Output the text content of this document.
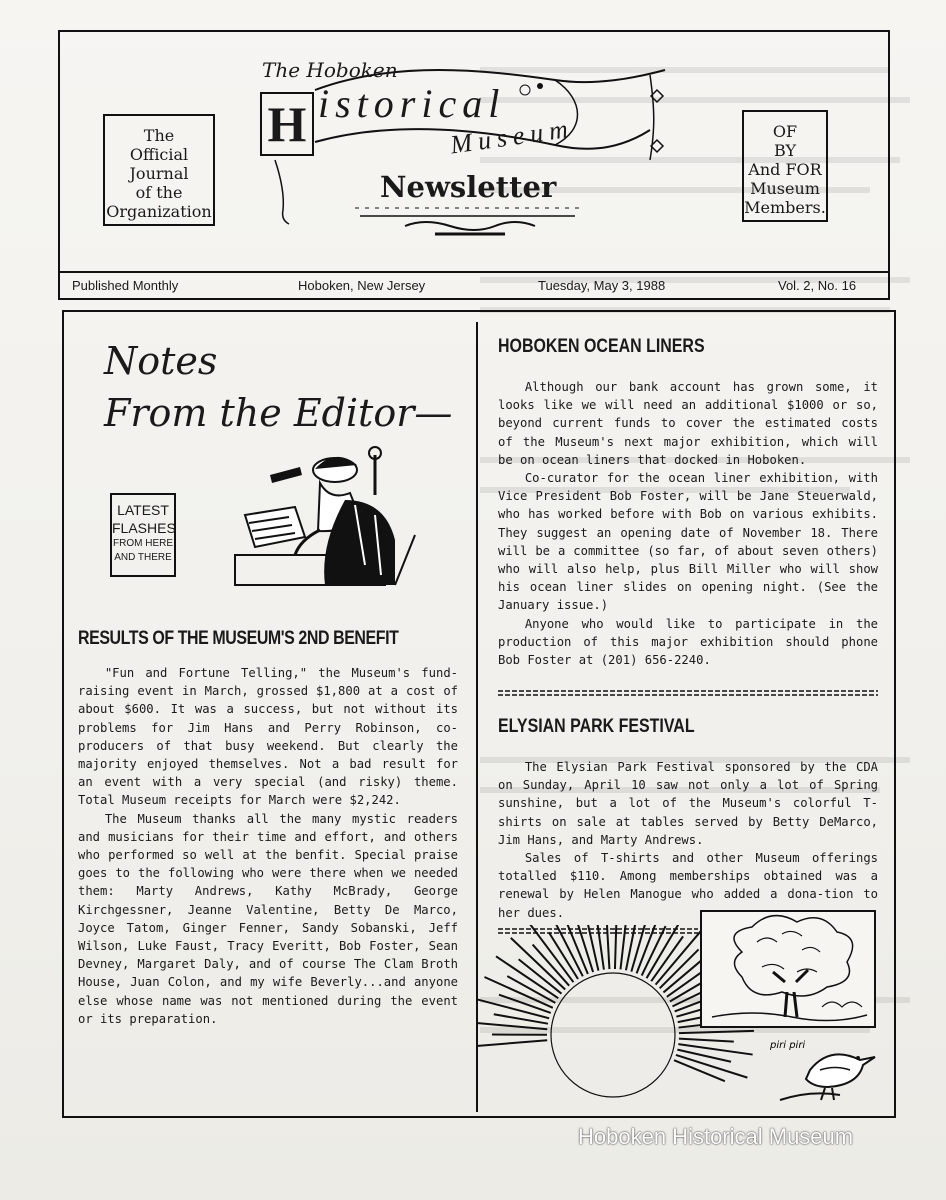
The
Official
Journal
of the
Organization
The Hoboken
H istorical
Museum
Newsletter
OF
BY
And FOR
Museum
Members.
Published Monthly	Hoboken, New Jersey	Tuesday, May 3, 1988	Vol. 2, No. 16
Notes
From the Editor—
LATEST
FLASHES
FROM HERE
AND THERE
RESULTS OF THE MUSEUM'S 2ND BENEFIT

"Fun and Fortune Telling," the Museum's fund-raising event in March, grossed $1,800 at a cost of about $600. It was a success, but not without its problems for Jim Hans and Perry Robinson, co-producers of that busy weekend. But clearly the majority enjoyed themselves. Not a bad result for an event with a very special (and risky) theme. Total Museum receipts for March were $2,242.

The Museum thanks all the many mystic readers and musicians for their time and effort, and others who performed so well at the benfit. Special praise goes to the following who were there when we needed them: Marty Andrews, Kathy McBrady, George Kirchgessner, Jeanne Valentine, Betty De Marco, Joyce Tatom, Ginger Fenner, Sandy Sobanski, Jeff Wilson, Luke Faust, Tracy Everitt, Bob Foster, Sean Devney, Margaret Daly, and of course The Clam Broth House, Juan Colon, and my wife Beverly...and anyone else whose name was not mentioned during the event or its preparation.

HOBOKEN OCEAN LINERS

Although our bank account has grown some, it looks like we will need an additional $1000 or so, beyond current funds to cover the estimated costs of the Museum's next major exhibition, which will be on ocean liners that docked in Hoboken.

Co-curator for the ocean liner exhibition, with Vice President Bob Foster, will be Jane Steuerwald, who has worked before with Bob on various exhibits. They suggest an opening date of November 18. There will be a committee (so far, of about seven others) who will also help, plus Bill Miller who will show his ocean liner slides on opening night. (See the January issue.)

Anyone who would like to participate in the production of this major exhibition should phone Bob Foster at (201) 656-2240.

ELYSIAN PARK FESTIVAL

The Elysian Park Festival sponsored by the CDA on Sunday, April 10 saw not only a lot of Spring sunshine, but a lot of the Museum's colorful T-shirts on sale at tables served by Betty DeMarco, Jim Hans, and Marty Andrews.

Sales of T-shirts and other Museum offerings totalled $110. Among memberships obtained was a renewal by Helen Manogue who added a dona-tion to her dues.

piri piri
Hoboken Historical Museum
